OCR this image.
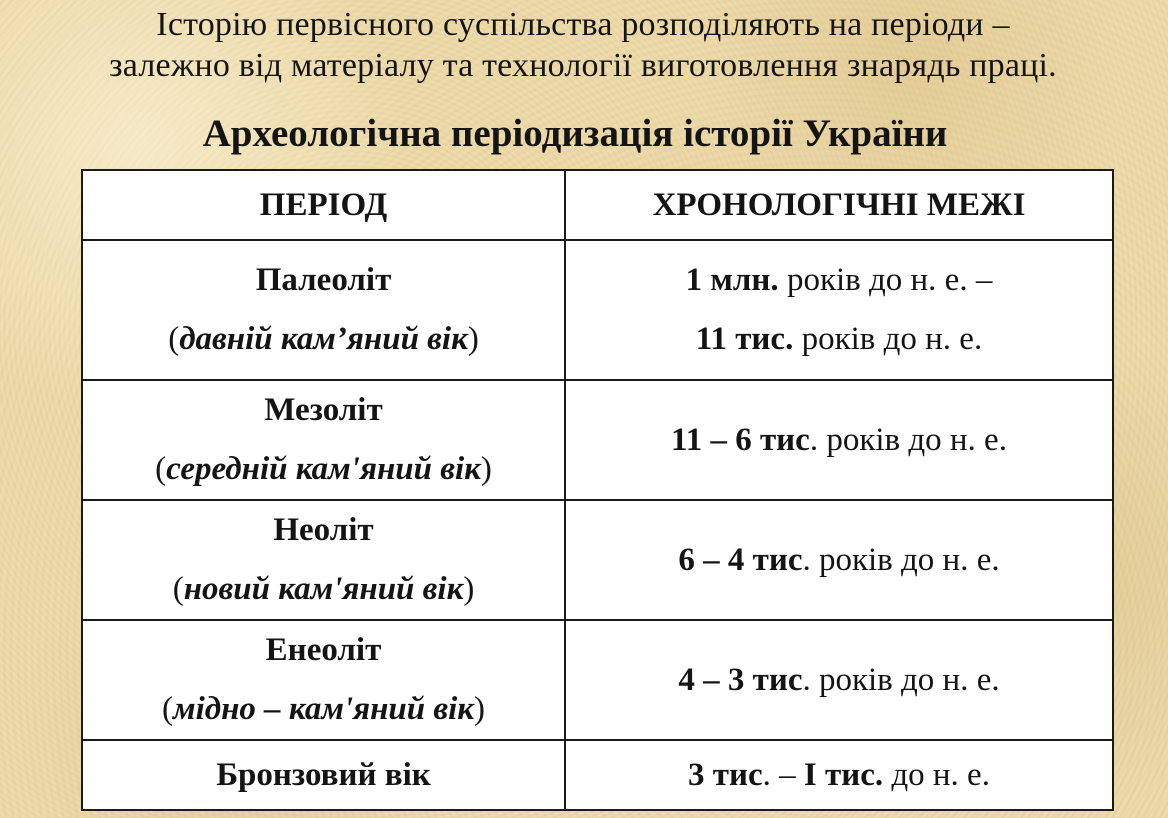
Історію первісного суспільства розподіляють на періоди –
залежно від матеріалу та технології виготовлення знарядь праці.
Археологічна періодизація історії України
ПЕРІОД	ХРОНОЛОГІЧНІ МЕЖІ

Палеоліт
(давній кам’яний вік)	1 млн. років до н. е. –
11 тис. років до н. е.

Мезоліт
(середній кам'яний вік)	11 – 6 тис. років до н. е.

Неоліт
(новий кам'яний вік)	6 – 4 тис. років до н. е.

Енеоліт
(мідно – кам'яний вік)	4 – 3 тис. років до н. е.

Бронзовий вік	3 тис. – І тис. до н. е.
